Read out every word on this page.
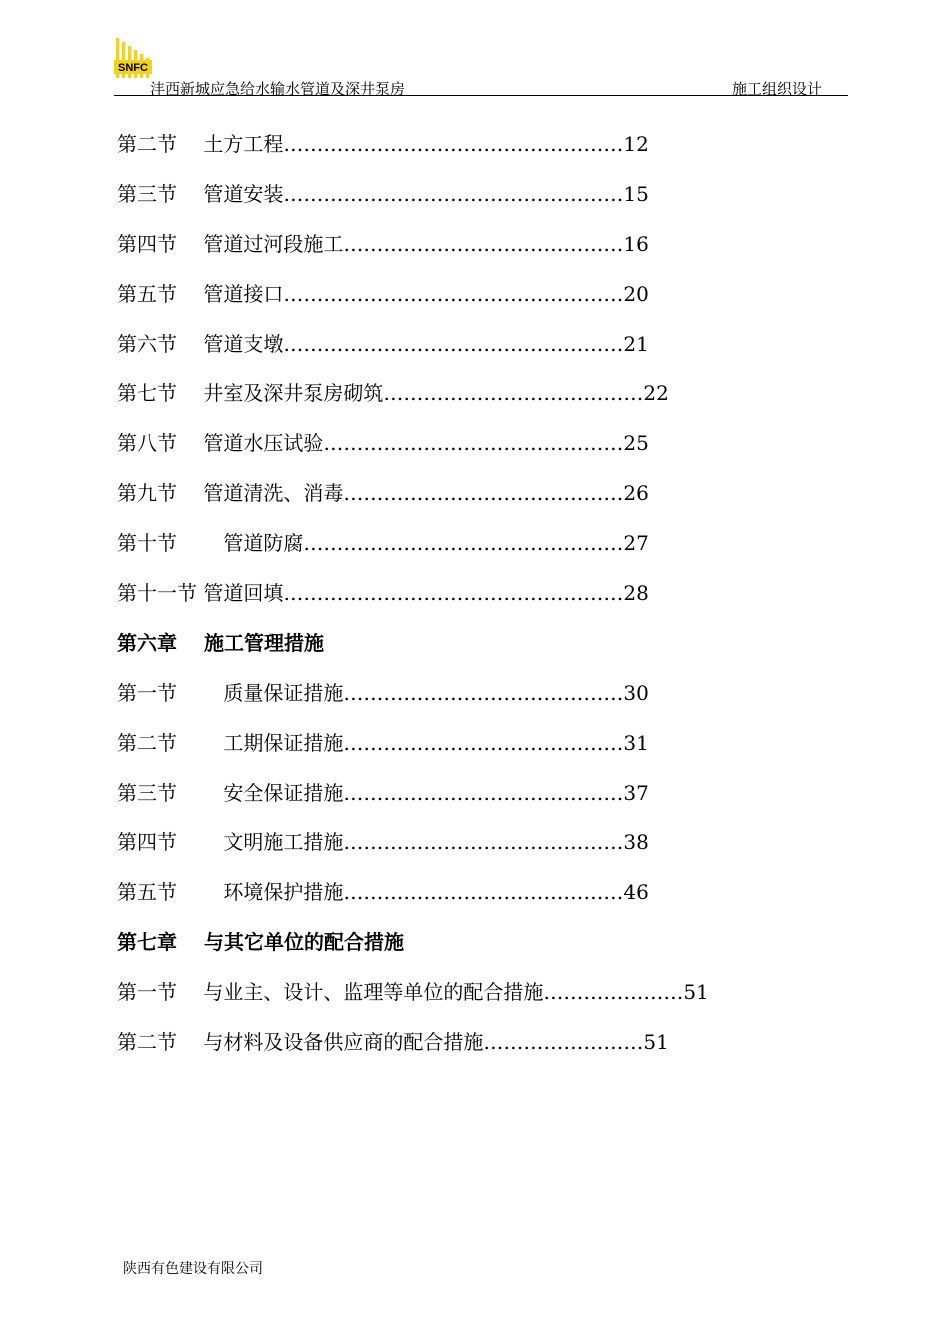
SNFC
沣西新城应急给水输水管道及深井泵房	施工组织设计
第二节　 土方工程……………………………………………12
第三节　 管道安装……………………………………………15
第四节　 管道过河段施工……………………………………16
第五节　 管道接口……………………………………………20
第六节　 管道支墩……………………………………………21
第七节　 井室及深井泵房砌筑…………………………………22
第八节　 管道水压试验………………………………………25
第九节　 管道清洗、消毒……………………………………26
第十节　　 管道防腐…………………………………………27
第十一节 管道回填……………………………………………28
第六章　 施工管理措施
第一节　　 质量保证措施……………………………………30
第二节　　 工期保证措施……………………………………31
第三节　　 安全保证措施……………………………………37
第四节　　 文明施工措施……………………………………38
第五节　　 环境保护措施……………………………………46
第七章　 与其它单位的配合措施
第一节　 与业主、设计、监理等单位的配合措施…………………51
第二节　 与材料及设备供应商的配合措施……………………51
陕西有色建设有限公司
